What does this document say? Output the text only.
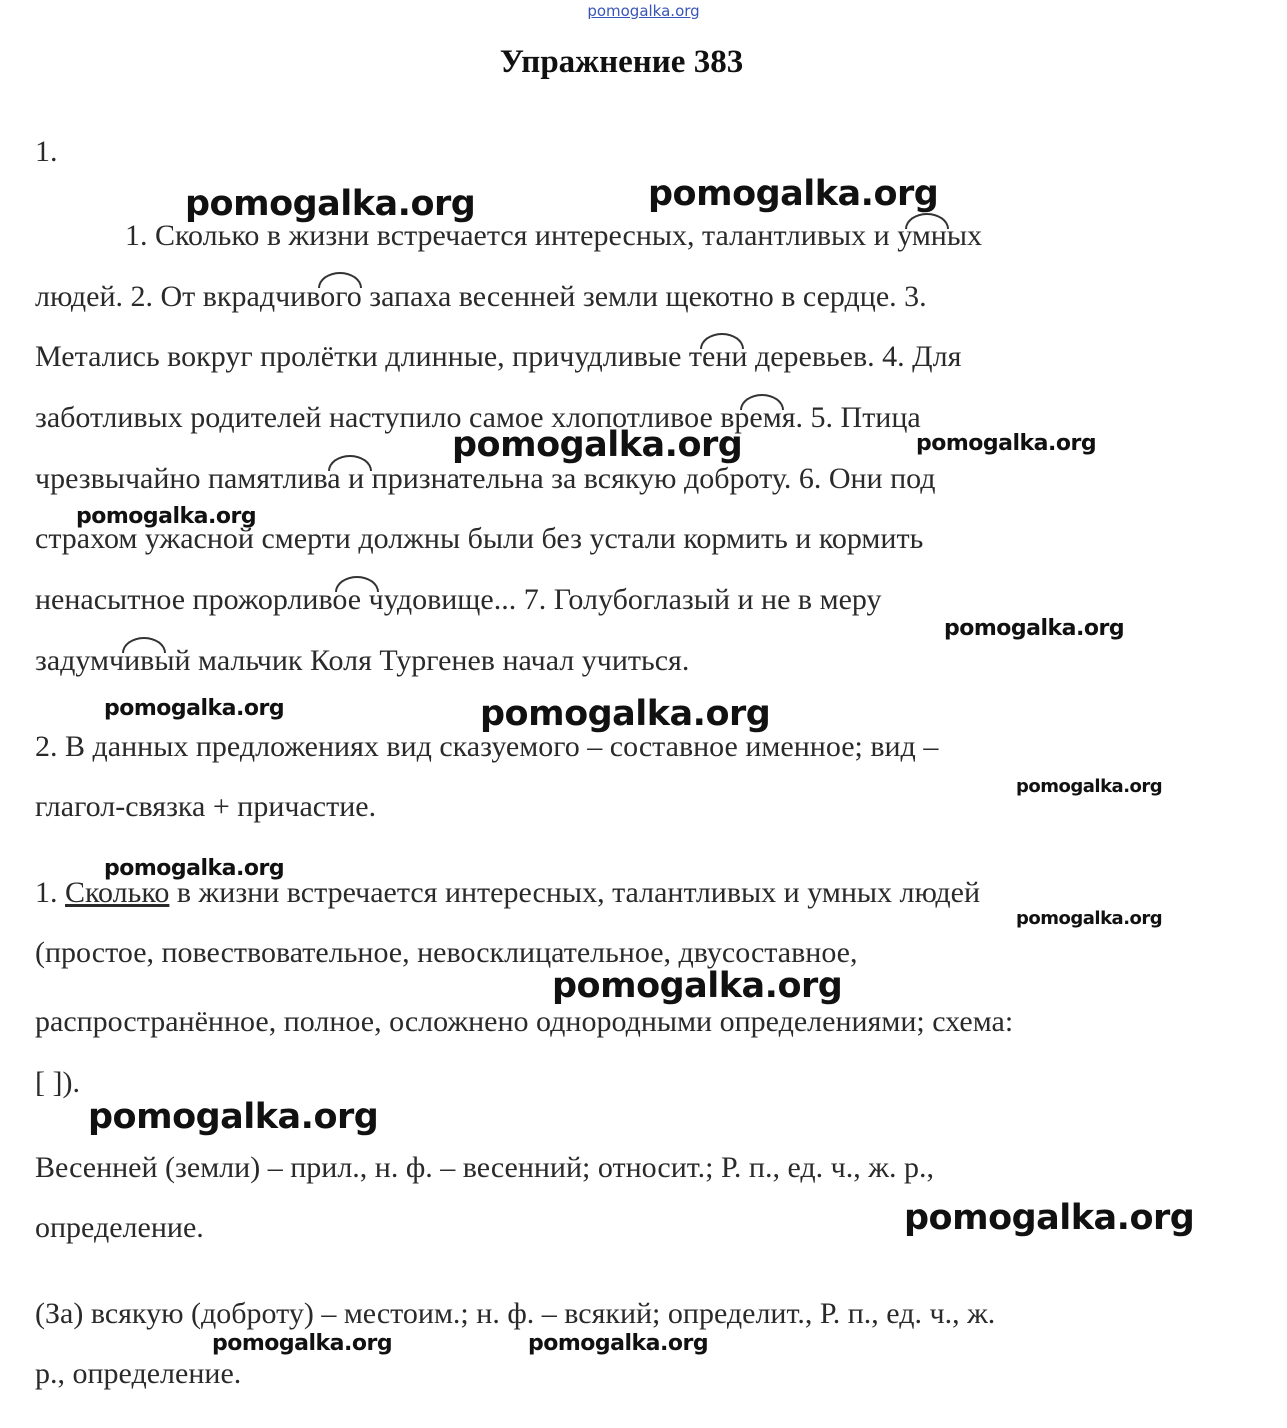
pomogalka.org
Упражнение 383
1.
1. Сколько в жизни встречается интересных, талантливых и умных
людей. 2. От вкрадчивого запаха весенней земли щекотно в сердце. 3.
Метались вокруг пролётки длинные, причудливые тени деревьев. 4. Для
заботливых родителей наступило самое хлопотливое время. 5. Птица
чрезвычайно памятлива и признательна за всякую доброту. 6. Они под
страхом ужасной смерти должны были без устали кормить и кормить
ненасытное прожорливое чудовище... 7. Голубоглазый и не в меру
задумчивый мальчик Коля Тургенев начал учиться.
2. В данных предложениях вид сказуемого – составное именное; вид –
глагол-связка + причастие.
1. Сколько в жизни встречается интересных, талантливых и умных людей
(простое, повествовательное, невосклицательное, двусоставное,
распространённое, полное, осложнено однородными определениями; схема:
[ ]).
Весенней (земли) – прил., н. ф. – весенний; относит.; Р. п., ед. ч., ж. р.,
определение.
(За) всякую (доброту) – местоим.; н. ф. – всякий; определит., Р. п., ед. ч., ж.
р., определение.
pomogalka.org	pomogalka.org
pomogalka.org	pomogalka.org
pomogalka.org
pomogalka.org
pomogalka.org	pomogalka.org
pomogalka.org
pomogalka.org
pomogalka.org
pomogalka.org
pomogalka.org
pomogalka.org
pomogalka.org	pomogalka.org
